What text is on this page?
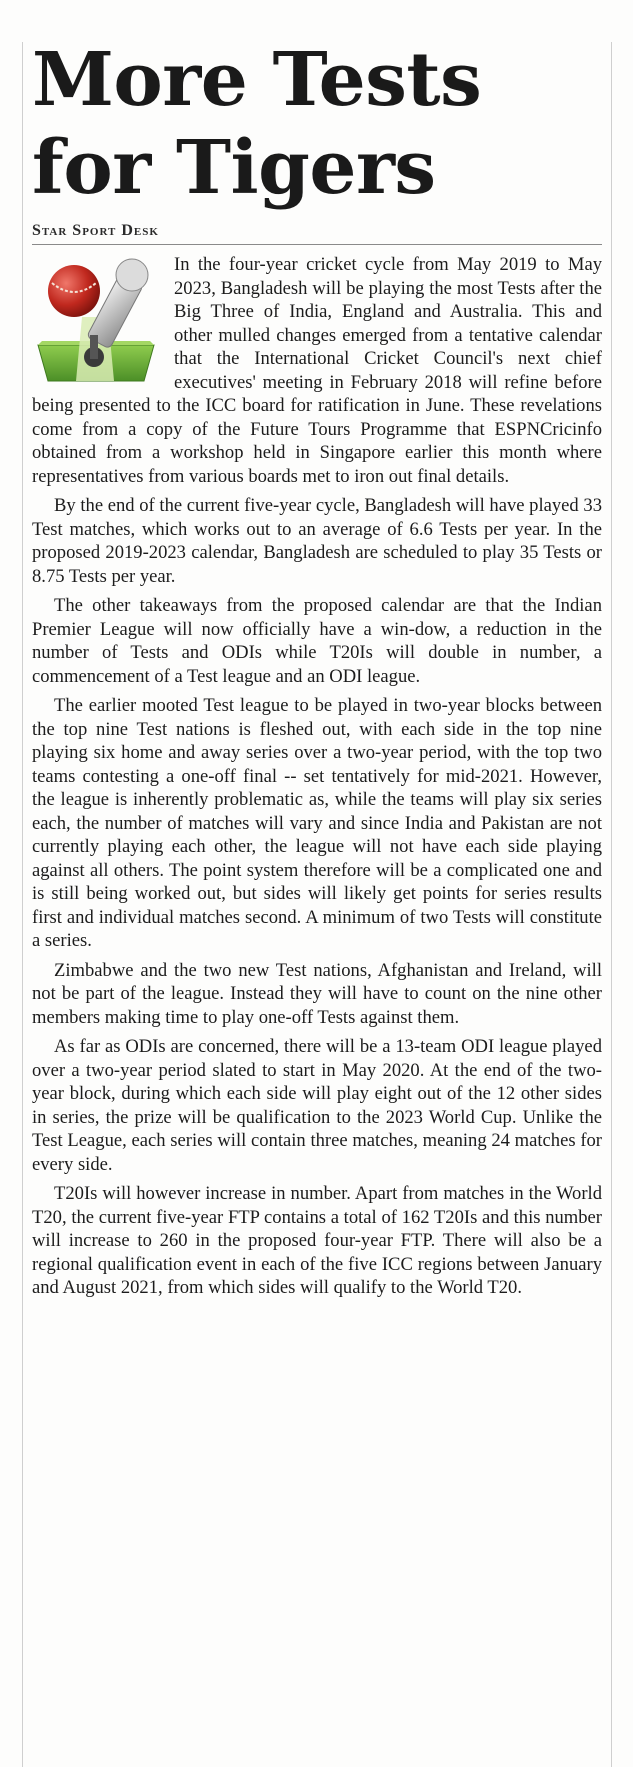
More Tests
for Tigers
Star Sport Desk

In the four-year cricket cycle from May 2019 to May 2023, Bangladesh will be playing the most Tests after the Big Three of India, England and Australia. This and other mulled changes emerged from a tentative calendar that the International Cricket Council's next chief executives' meeting in February 2018 will refine before being presented to the ICC board for ratification in June. These revelations come from a copy of the Future Tours Programme that ESPNCricinfo obtained from a workshop held in Singapore earlier this month where representatives from various boards met to iron out final details.

By the end of the current five-year cycle, Bangladesh will have played 33 Test matches, which works out to an average of 6.6 Tests per year. In the proposed 2019-2023 calendar, Bangladesh are scheduled to play 35 Tests or 8.75 Tests per year.

The other takeaways from the proposed calendar are that the Indian Premier League will now officially have a win-dow, a reduction in the number of Tests and ODIs while T20Is will double in number, a commencement of a Test league and an ODI league.

The earlier mooted Test league to be played in two-year blocks between the top nine Test nations is fleshed out, with each side in the top nine playing six home and away series over a two-year period, with the top two teams contesting a one-off final -- set tentatively for mid-2021. However, the league is inherently problematic as, while the teams will play six series each, the number of matches will vary and since India and Pakistan are not currently playing each other, the league will not have each side playing against all others. The point system therefore will be a complicated one and is still being worked out, but sides will likely get points for series results first and individual matches second. A minimum of two Tests will constitute a series.

Zimbabwe and the two new Test nations, Afghanistan and Ireland, will not be part of the league. Instead they will have to count on the nine other members making time to play one-off Tests against them.

As far as ODIs are concerned, there will be a 13-team ODI league played over a two-year period slated to start in May 2020. At the end of the two-year block, during which each side will play eight out of the 12 other sides in series, the prize will be qualification to the 2023 World Cup. Unlike the Test League, each series will contain three matches, meaning 24 matches for every side.

T20Is will however increase in number. Apart from matches in the World T20, the current five-year FTP contains a total of 162 T20Is and this number will increase to 260 in the proposed four-year FTP. There will also be a regional qualification event in each of the five ICC regions between January and August 2021, from which sides will qualify to the World T20.
